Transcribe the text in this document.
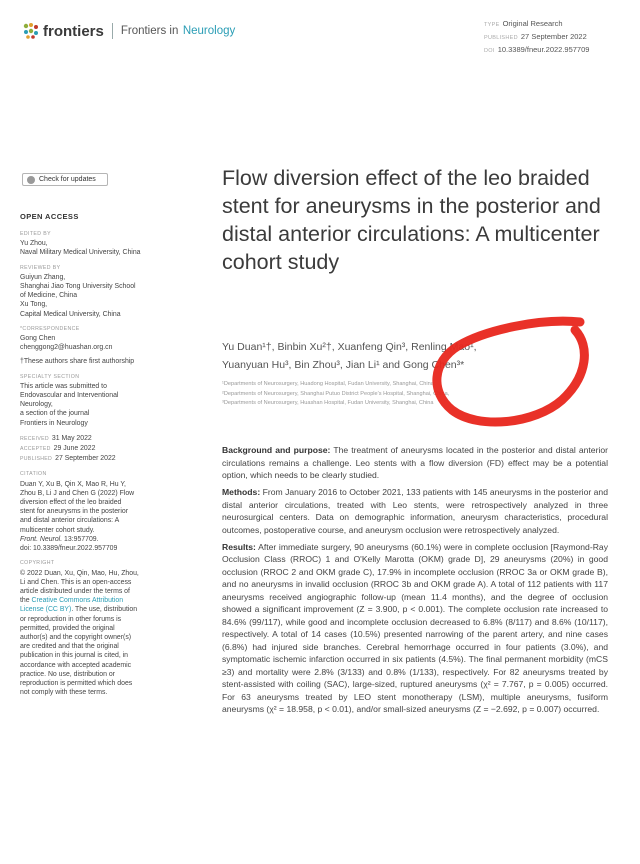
frontiers Frontiers in
Neurology	TYPE Original Research
PUBLISHED 27 September 2022
DOI 10.3389/fneur.2022.957709
Check for updates
OPEN ACCESS
EDITED BY
Yu Zhou,
Naval Military Medical University, China
REVIEWED BY
Guiyun Zhang,
Shanghai Jiao Tong University School
of Medicine, China
Xu Tong,
Capital Medical University, China
*CORRESPONDENCE
Gong Chen
chenggong2@huashan.org.cn
†These authors share first authorship
SPECIALTY SECTION
This article was submitted to
Endovascular and Interventional
Neurology,
a section of the journal
Frontiers in Neurology
RECEIVED 31 May 2022
ACCEPTED 29 June 2022
PUBLISHED 27 September 2022
CITATION
Duan Y, Xu B, Qin X, Mao R, Hu Y,
Zhou B, Li J and Chen G (2022) Flow
diversion effect of the leo braided
stent for aneurysms in the posterior
and distal anterior circulations: A
multicenter cohort study.
Front. Neurol. 13:957709.
doi: 10.3389/fneur.2022.957709
COPYRIGHT
© 2022 Duan, Xu, Qin, Mao, Hu, Zhou,
Li and Chen. This is an open-access
article distributed under the terms of
the Creative Commons Attribution
License (CC BY). The use, distribution
or reproduction in other forums is
permitted, provided the original
author(s) and the copyright owner(s)
are credited and that the original
publication in this journal is cited, in
accordance with accepted academic
practice. No use, distribution or
reproduction is permitted which does
not comply with these terms.
Flow diversion effect of the leo braided stent for aneurysms in the posterior and distal anterior circulations: A multicenter cohort study
Yu Duan¹†, Binbin Xu²†, Xuanfeng Qin³, Renling Mao¹,
Yuanyuan Hu³, Bin Zhou³, Jian Li¹ and Gong Chen³*
¹Departments of Neurosurgery, Huadong Hospital, Fudan University, Shanghai, China
²Departments of Neurosurgery, Shanghai Putuo District People's Hospital, Shanghai, China,
³Departments of Neurosurgery, Huashan Hospital, Fudan University, Shanghai, China

Background and purpose: The treatment of aneurysms located in the posterior and distal anterior circulations remains a challenge. Leo stents with a flow diversion (FD) effect may be a potential option, which needs to be clearly studied.

Methods: From January 2016 to October 2021, 133 patients with 145 aneurysms in the posterior and distal anterior circulations, treated with Leo stents, were retrospectively analyzed in three neurosurgical centers. Data on demographic information, aneurysm characteristics, procedural outcomes, postoperative course, and aneurysm occlusion were retrospectively analyzed.

Results: After immediate surgery, 90 aneurysms (60.1%) were in complete occlusion [Raymond-Ray Occlusion Class (RROC) 1 and O'Kelly Marotta (OKM) grade D], 29 aneurysms (20%) in good occlusion (RROC 2 and OKM grade C), 17.9% in incomplete occlusion (RROC 3a or OKM grade B), and no aneurysms in invalid occlusion (RROC 3b and OKM grade A). A total of 112 patients with 117 aneurysms received angiographic follow-up (mean 11.4 months), and the degree of occlusion showed a significant improvement (Z = 3.900, p < 0.001). The complete occlusion rate increased to 84.6% (99/117), while good and incomplete occlusion decreased to 6.8% (8/117) and 8.6% (10/117), respectively. A total of 14 cases (10.5%) presented narrowing of the parent artery, and nine cases (6.8%) had injured side branches. Cerebral hemorrhage occurred in four patients (3.0%), and symptomatic ischemic infarction occurred in six patients (4.5%). The final permanent morbidity (mCS ≥3) and mortality were 2.8% (3/133) and 0.8% (1/133), respectively. For 82 aneurysms treated by stent-assisted with coiling (SAC), large-sized, ruptured aneurysms (χ² = 7.767, p = 0.005) occurred. For 63 aneurysms treated by LEO stent monotherapy (LSM), multiple aneurysms, fusiform aneurysms (χ² = 18.958, p < 0.01), and/or small-sized aneurysms (Z = −2.692, p = 0.007) occurred.
